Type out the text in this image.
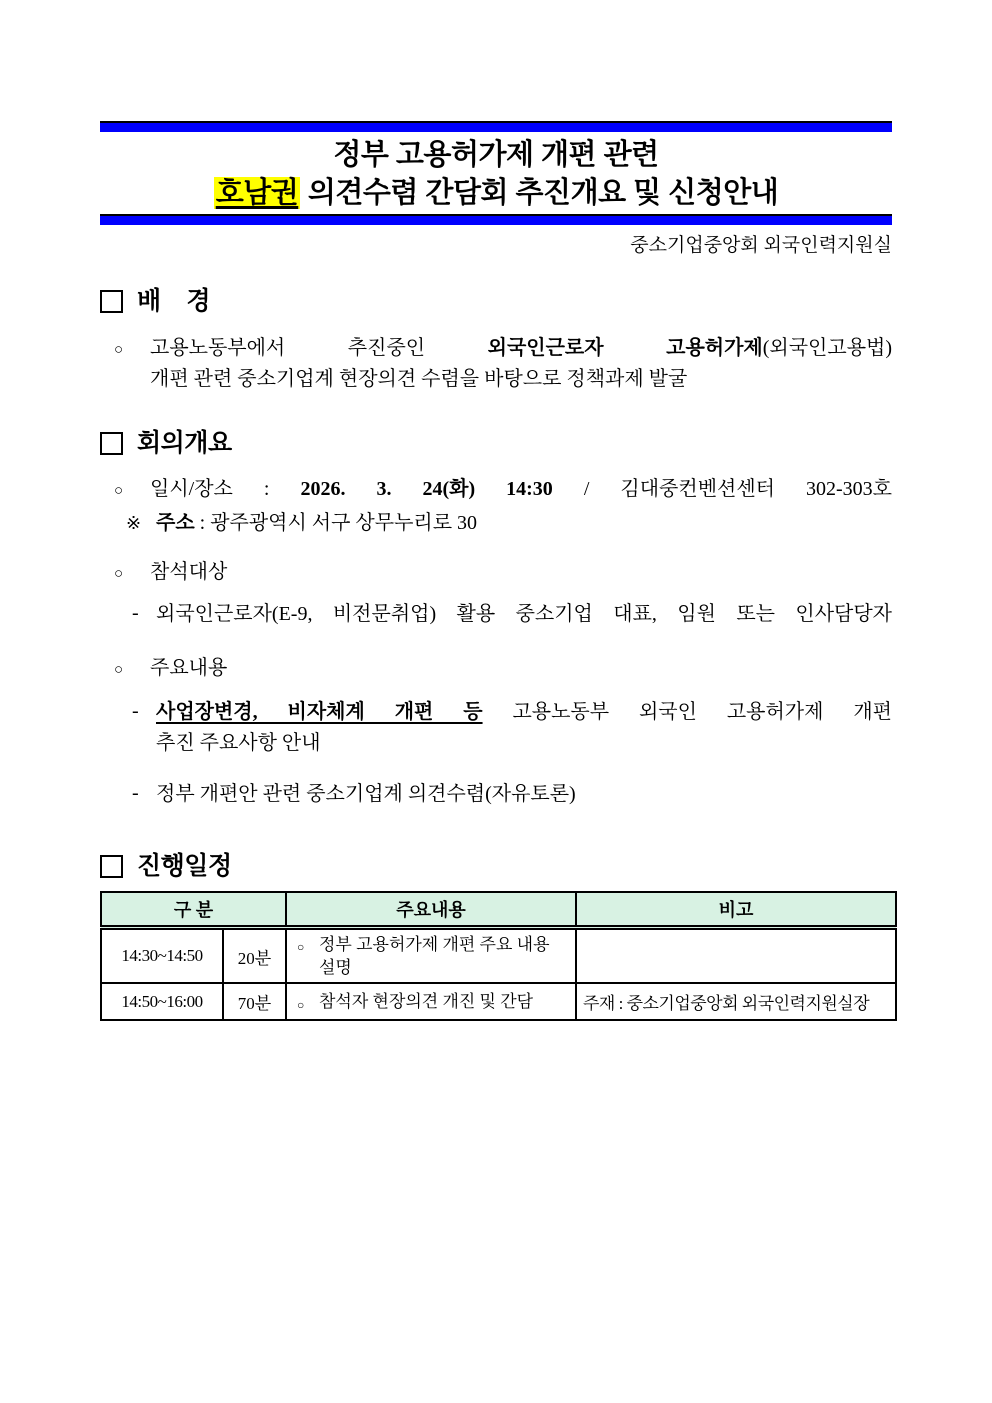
정부 고용허가제 개편 관련
호남권 의견수렴 간담회 추진개요 및 신청안내
중소기업중앙회 외국인력지원실
배    경
○ 고용노동부에서 추진중인 외국인근로자 고용허가제(외국인고용법)
개편 관련 중소기업계 현장의견 수렴을 바탕으로 정책과제 발굴
회의개요
○ 일시/장소 : 2026. 3. 24(화) 14:30 / 김대중컨벤션센터 302-303호
※ 주소 : 광주광역시 서구 상무누리로 30
○ 참석대상
- 외국인근로자(E-9, 비전문취업) 활용 중소기업 대표, 임원 또는 인사담당자
○ 주요내용
- 사업장변경, 비자체계 개편 등 고용노동부 외국인 고용허가제 개편
추진 주요사항 안내
- 정부 개편안 관련 중소기업계 의견수렴(자유토론)
진행일정
구 분		주요내용	비고
14:30~14:50	20분	○ 정부 고용허가제 개편 주요 내용 설명	
14:50~16:00	70분	○ 참석자 현장의견 개진 및 간담	주재 : 중소기업중앙회 외국인력지원실장
